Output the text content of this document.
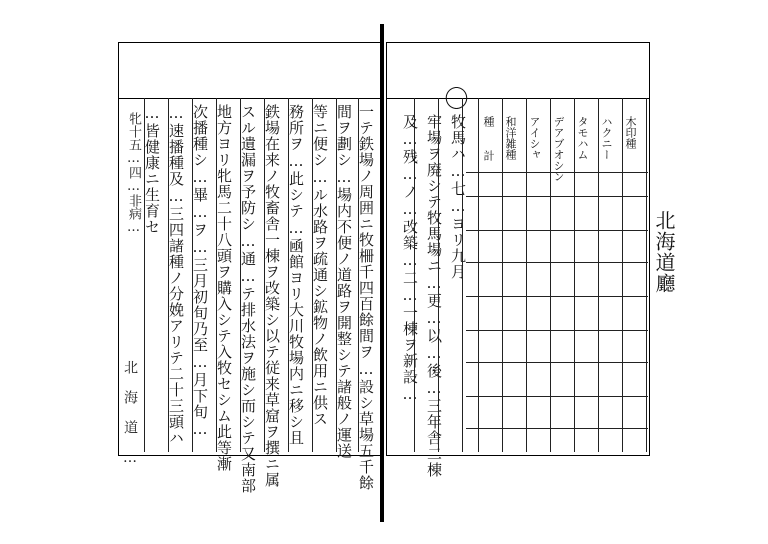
一テ鉄場ノ周囲ニ牧柵千四百餘間ヲ…設シ草場五千餘
間ヲ劃シ…場内不便ノ道路ヲ開整シテ諸般ノ運送
等ニ便シ…ル水路ヲ疏通シ鉱物ノ飲用ニ供ス
務所ヲ…此シテ…凾館ヨリ大川牧場内ニ移シ且
鉄場在来ノ牧畜舎一棟ヲ改築シ以テ従来草窟ヲ撰ニ属
スル遺漏ヲ予防シ…通…テ排水法ヲ施シ而シテ又南部
地方ヨリ牝馬二十八頭ヲ購入シテ入牧セシム此等漸
次播種シ…畢…ヲ…三月初旬乃至…月下旬…
…速播種及…三四諸種ノ分娩アリテ二十三頭ハ
…皆健康ニ生育セ
牝十五…四…非病…
北 海 道 …
〇
牧馬ハ…七…ヨリ九月
牢場ヲ廃シテ牧馬場ニ…更…以…後…三年舎二棟
及…残…ノ…改築…二…一棟ヲ新設…	木印種
ハクニー
タモハム
デアブオシン
アイシャ
和洋雑種
種
計
北海道廳
